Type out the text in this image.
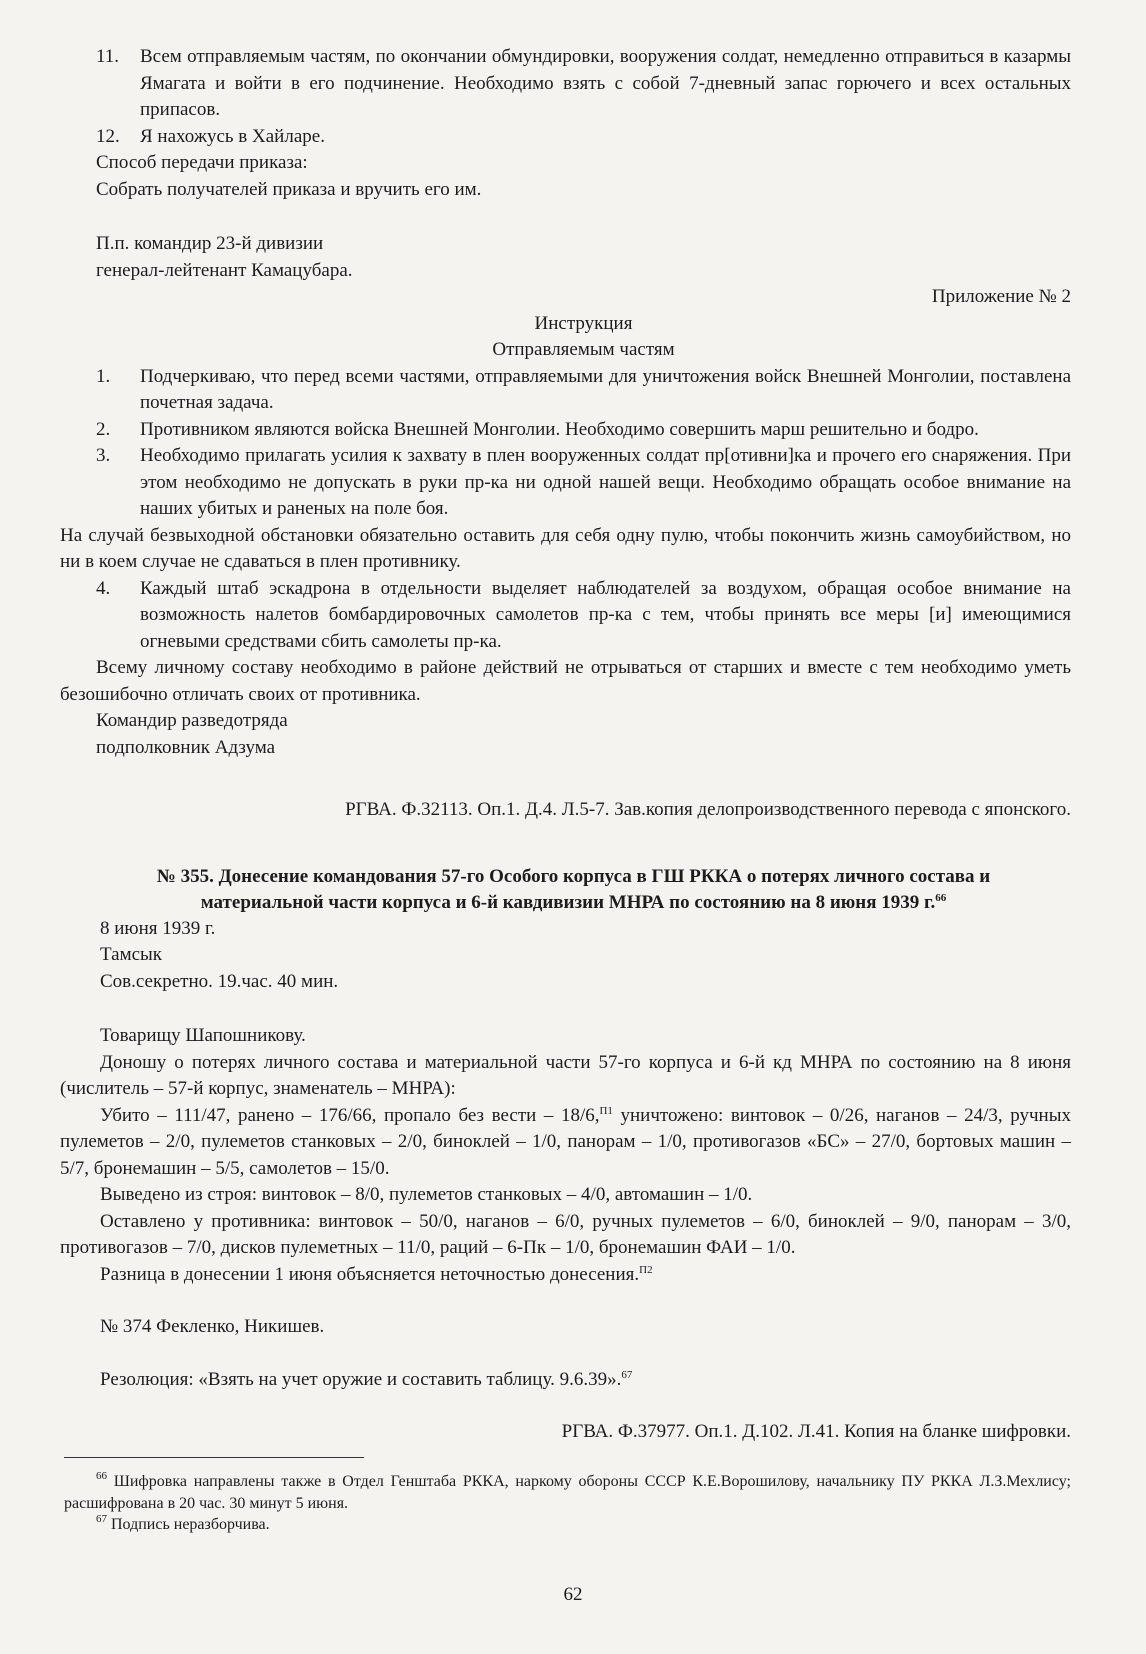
11. Всем отправляемым частям, по окончании обмундировки, вооружения солдат, немедленно отправиться в казармы Ямагата и войти в его подчинение. Необходимо взять с собой 7-дневный запас горючего и всех остальных припасов.

12. Я нахожусь в Хайларе.

Способ передачи приказа:

Собрать получателей приказа и вручить его им.

П.п. командир 23-й дивизии

генерал-лейтенант Камацубара.

Приложение № 2

Инструкция

Отправляемым частям

1. Подчеркиваю, что перед всеми частями, отправляемыми для уничтожения войск Внешней Монголии, поставлена почетная задача.

2. Противником являются войска Внешней Монголии. Необходимо совершить марш решительно и бодро.

3. Необходимо прилагать усилия к захвату в плен вооруженных солдат пр[отивни]ка и прочего его снаряжения. При этом необходимо не допускать в руки пр-ка ни одной нашей вещи. Необходимо обращать особое внимание на наших убитых и раненых на поле боя.

На случай безвыходной обстановки обязательно оставить для себя одну пулю, чтобы покончить жизнь самоубийством, но ни в коем случае не сдаваться в плен противнику.

4. Каждый штаб эскадрона в отдельности выделяет наблюдателей за воздухом, обращая особое внимание на возможность налетов бомбардировочных самолетов пр-ка с тем, чтобы принять все меры [и] имеющимися огневыми средствами сбить самолеты пр-ка.

Всему личному составу необходимо в районе действий не отрываться от старших и вместе с тем необходимо уметь безошибочно отличать своих от противника.

Командир разведотряда

подполковник Адзума

РГВА. Ф.32113. Оп.1. Д.4. Л.5-7. Зав.копия делопроизводственного перевода с японского.

№ 355. Донесение командования 57-го Особого корпуса в ГШ РККА о потерях личного состава и материальной части корпуса и 6-й кавдивизии МНРА по состоянию на 8 июня 1939 г.$^{66}$

8 июня 1939 г.

Тамсык

Сов.секретно. 19.час. 40 мин.

Товарищу Шапошникову.

Доношу о потерях личного состава и материальной части 57-го корпуса и 6-й кд МНРА по состоянию на 8 июня (числитель – 57-й корпус, знаменатель – МНРА):

Убито – 111/47, ранено – 176/66, пропало без вести – 18/6,$^{П1}$ уничтожено: винтовок – 0/26, наганов – 24/3, ручных пулеметов – 2/0, пулеметов станковых – 2/0, биноклей – 1/0, панорам – 1/0, противогазов «БС» – 27/0, бортовых машин – 5/7, бронемашин – 5/5, самолетов – 15/0.

Выведено из строя: винтовок – 8/0, пулеметов станковых – 4/0, автомашин – 1/0.

Оставлено у противника: винтовок – 50/0, наганов – 6/0, ручных пулеметов – 6/0, биноклей – 9/0, панорам – 3/0, противогазов – 7/0, дисков пулеметных – 11/0, раций – 6-Пк – 1/0, бронемашин ФАИ – 1/0.

Разница в донесении 1 июня объясняется неточностью донесения.$^{П2}$

№ 374 Фекленко, Никишев.

Резолюция: «Взять на учет оружие и составить таблицу. 9.6.39».$^{67}$

РГВА. Ф.37977. Оп.1. Д.102. Л.41. Копия на бланке шифровки.

$^{66}$ Шифровка направлены также в Отдел Генштаба РККА, наркому обороны СССР К.Е.Ворошилову, начальнику ПУ РККА Л.З.Мехлису; расшифрована в 20 час. 30 минут 5 июня.

$^{67}$ Подпись неразборчива.

62
